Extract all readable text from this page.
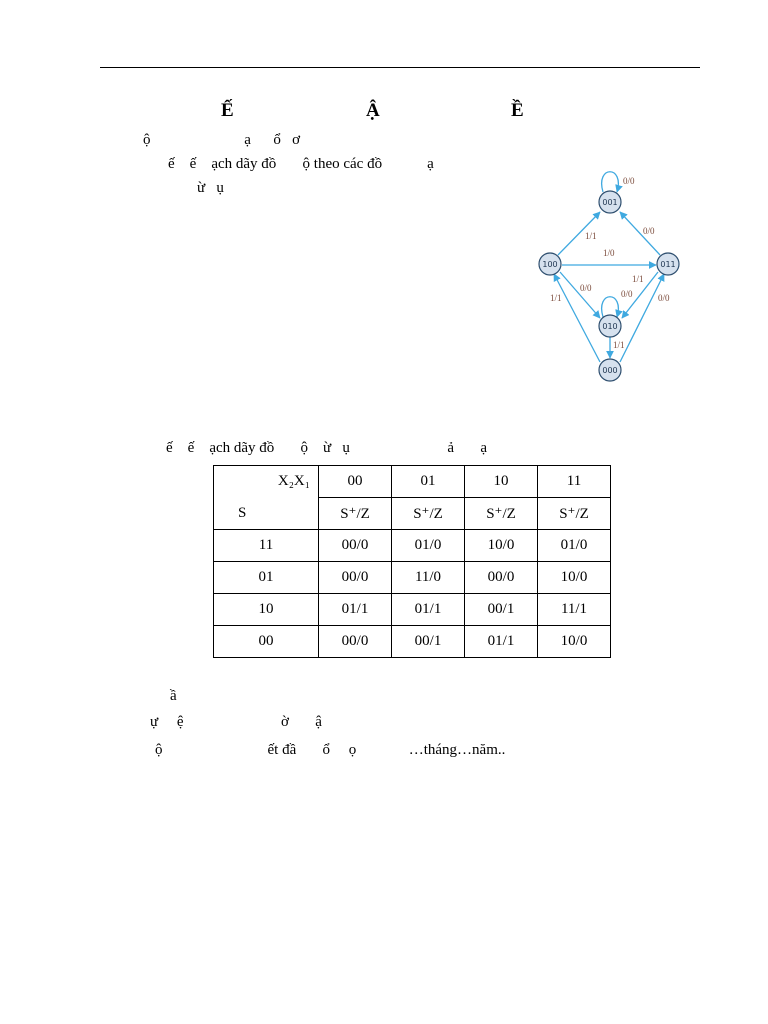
Ế	Ậ	Ề
ộ                         ạ      ổ   ơ
ế    ế    ạch dãy đồ       ộ theo các đồ            ạ
ừ   ụ
001
100	011
010
000
0/0
0/0
1/1
1/0
1/1
0/0
0/0	0/0
1/1
1/1
ế    ế    ạch dãy đồ       ộ    ừ   ụ                          ả       ạ
X₂X₁	00	01	10	11
S	S⁺/Z	S⁺/Z	S⁺/Z	S⁺/Z
11	00/0	01/0	10/0	01/0
01	00/0	11/0	00/0	10/0
10	01/1	01/1	00/1	11/1
00	00/0	00/1	01/1	10/0
ầ
ự     ệ                          ờ       ậ
ộ                            ết đầ       ổ     ọ              …tháng…năm..
